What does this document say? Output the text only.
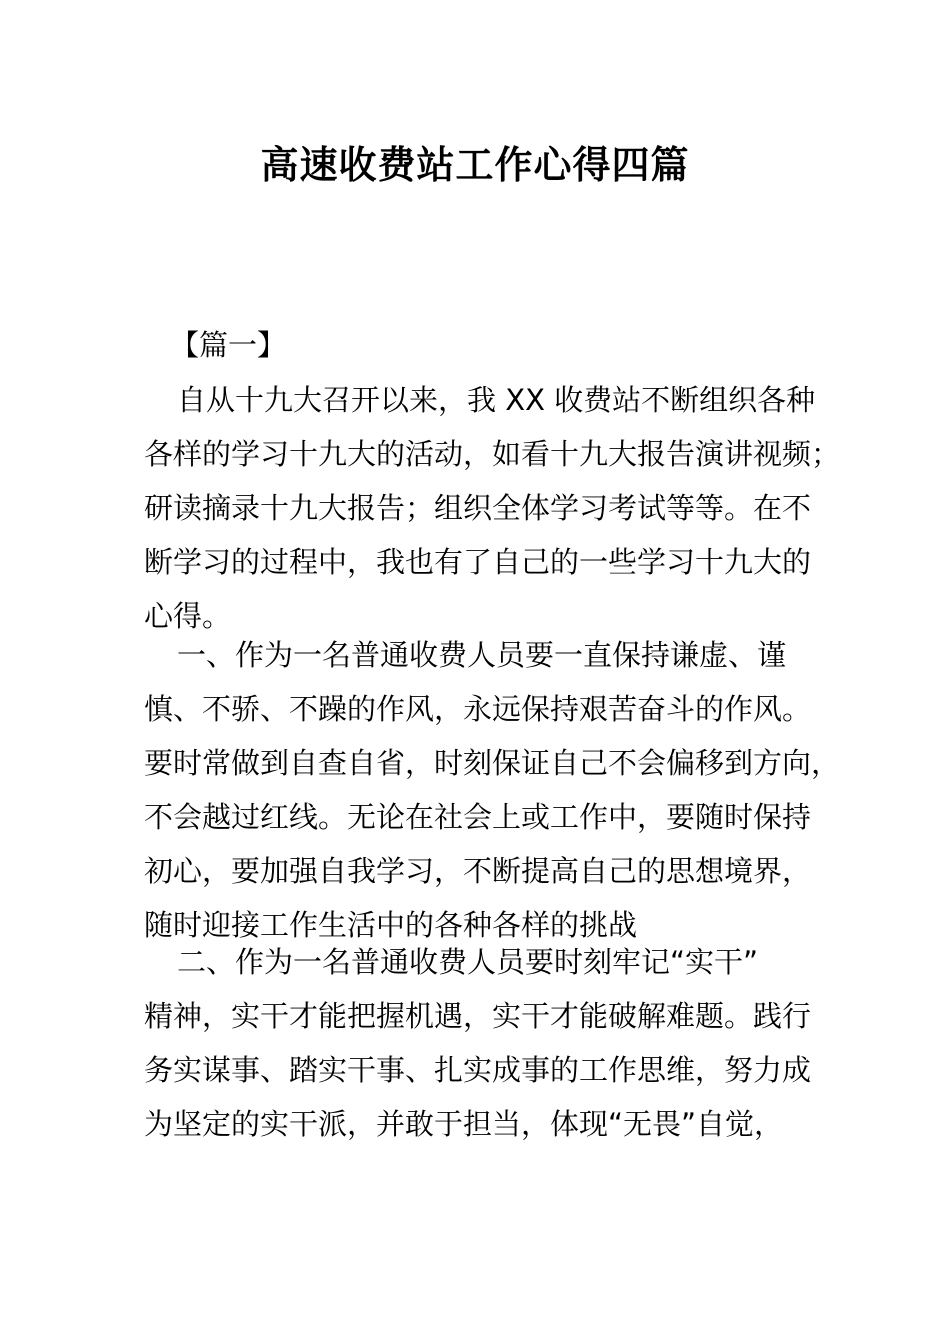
高速收费站工作心得四篇

【篇一】

自从十九大召开以来，我 XX 收费站不断组织各种
各样的学习十九大的活动，如看十九大报告演讲视频；
研读摘录十九大报告；组织全体学习考试等等。在不
断学习的过程中，我也有了自己的一些学习十九大的
心得。
一、作为一名普通收费人员要一直保持谦虚、谨
慎、不骄、不躁的作风，永远保持艰苦奋斗的作风。
要时常做到自查自省，时刻保证自己不会偏移到方向，
不会越过红线。无论在社会上或工作中，要随时保持
初心，要加强自我学习，不断提高自己的思想境界，
随时迎接工作生活中的各种各样的挑战
二、作为一名普通收费人员要时刻牢记“实干”
精神，实干才能把握机遇，实干才能破解难题。践行
务实谋事、踏实干事、扎实成事的工作思维，努力成
为坚定的实干派，并敢于担当，体现“无畏”自觉，
